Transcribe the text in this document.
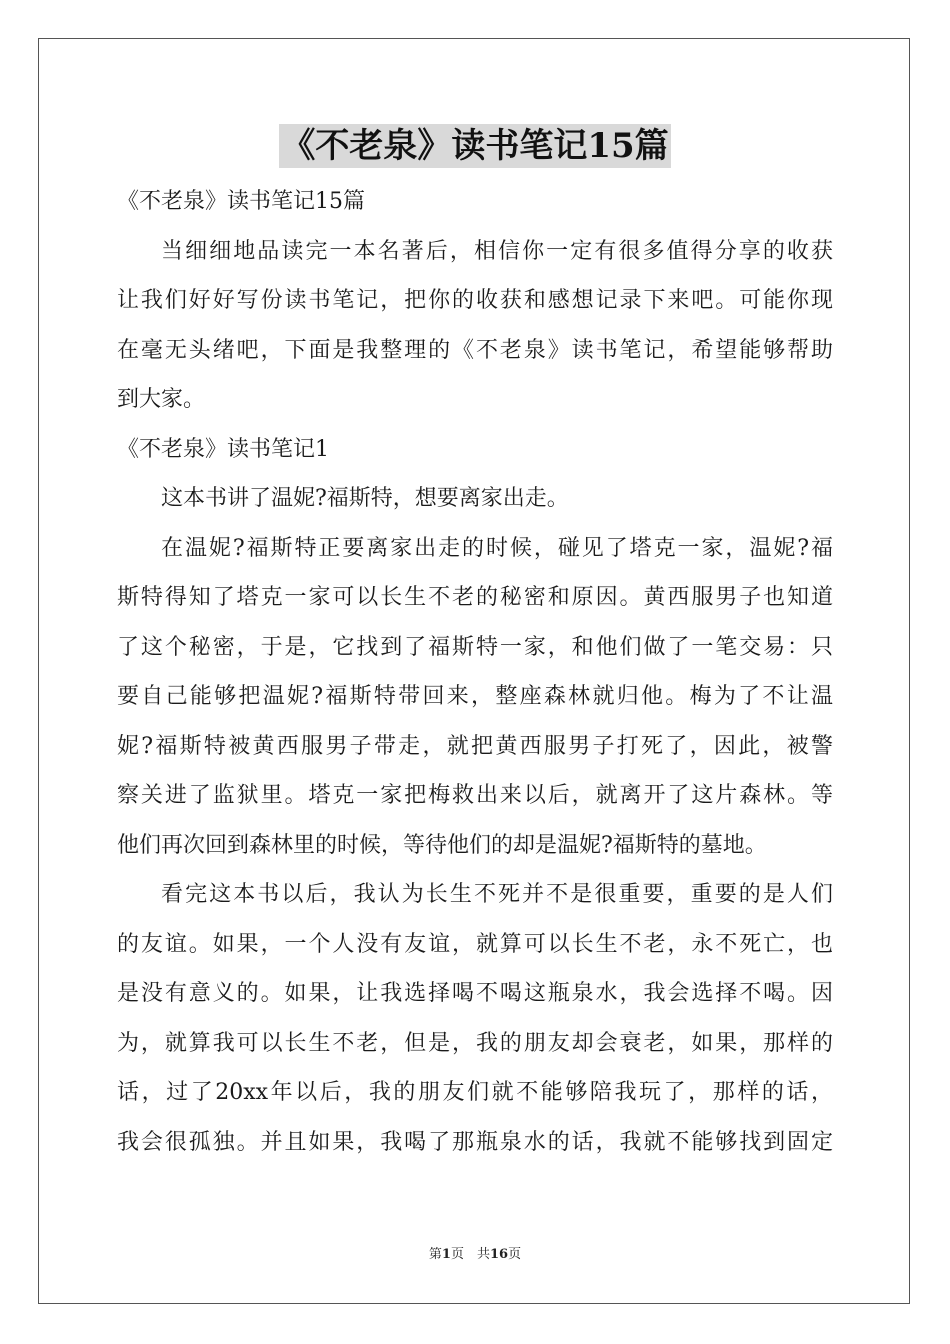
《不老泉》读书笔记15篇
《不老泉》读书笔记15篇
当细细地品读完一本名著后，相信你一定有很多值得分享的收获
让我们好好写份读书笔记，把你的收获和感想记录下来吧。可能你现
在毫无头绪吧，下面是我整理的《不老泉》读书笔记，希望能够帮助
到大家。
《不老泉》读书笔记1
这本书讲了温妮?福斯特，想要离家出走。
在温妮?福斯特正要离家出走的时候，碰见了塔克一家，温妮?福
斯特得知了塔克一家可以长生不老的秘密和原因。黄西服男子也知道
了这个秘密，于是，它找到了福斯特一家，和他们做了一笔交易：只
要自己能够把温妮?福斯特带回来，整座森林就归他。梅为了不让温
妮?福斯特被黄西服男子带走，就把黄西服男子打死了，因此，被警
察关进了监狱里。塔克一家把梅救出来以后，就离开了这片森林。等
他们再次回到森林里的时候，等待他们的却是温妮?福斯特的墓地。
看完这本书以后，我认为长生不死并不是很重要，重要的是人们
的友谊。如果，一个人没有友谊，就算可以长生不老，永不死亡，也
是没有意义的。如果，让我选择喝不喝这瓶泉水，我会选择不喝。因
为，就算我可以长生不老，但是，我的朋友却会衰老，如果，那样的
话，过了20xx年以后，我的朋友们就不能够陪我玩了，那样的话，
我会很孤独。并且如果，我喝了那瓶泉水的话，我就不能够找到固定
第1页　共16页
